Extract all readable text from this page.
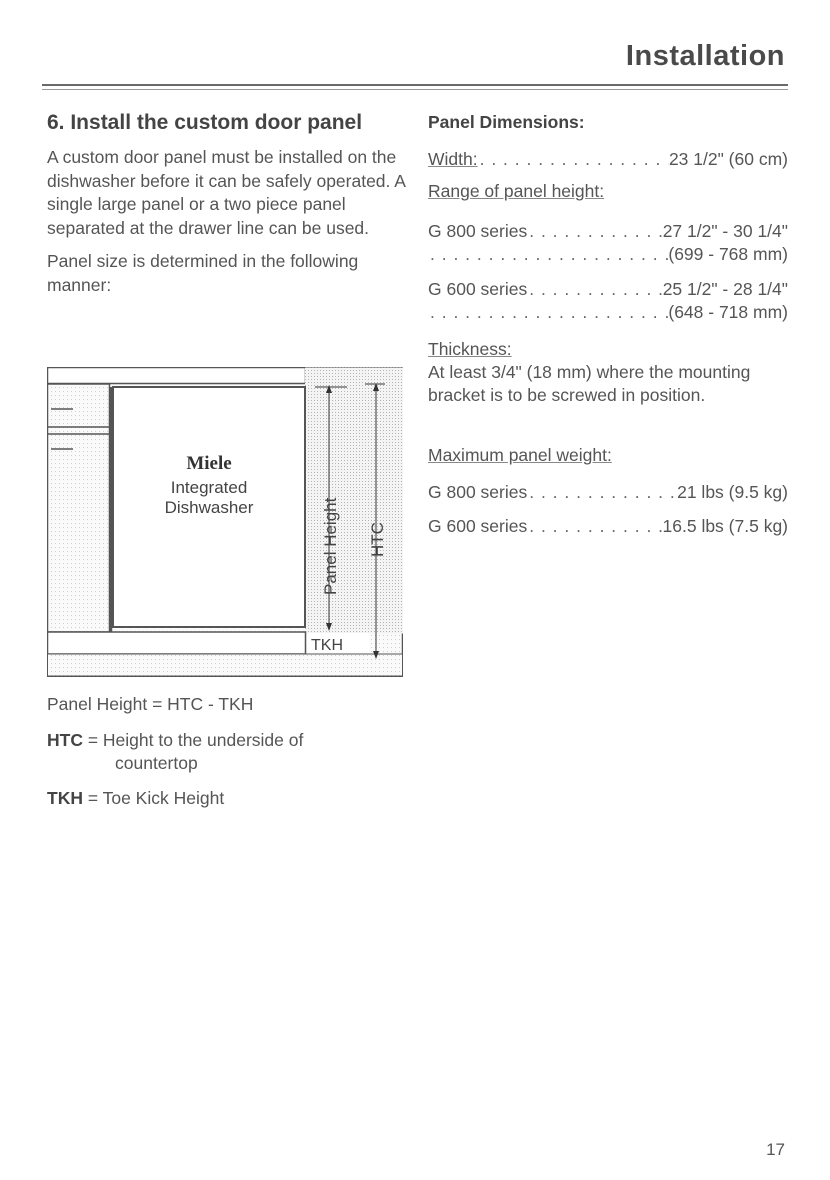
Installation
6. Install the custom door panel

A custom door panel must be installed on the dishwasher before it can be safely operated. A single large panel or a two piece panel separated at the drawer line can be used.

Panel size is determined in the following manner:

Miele
Integrated
Dishwasher	Panel Height HTC
TKH
Panel Height = HTC - TKH
HTC = Height to the underside of
countertop
TKH = Toe Kick Height
Panel Dimensions:
Width: . . .	23 1/2" (60 cm)
Range of panel height:
G 800 series . . .	27 1/2" - 30 1/4"
. . .
(699 - 768 mm)
G 600 series . . .	25 1/2" - 28 1/4"
. . .
(648 - 718 mm)
Thickness:
At least 3/4" (18 mm) where the mounting bracket is to be screwed in position.
Maximum panel weight:
G 800 series . . .	21 lbs (9.5 kg)
G 600 series . . .	16.5 lbs (7.5 kg)
17
